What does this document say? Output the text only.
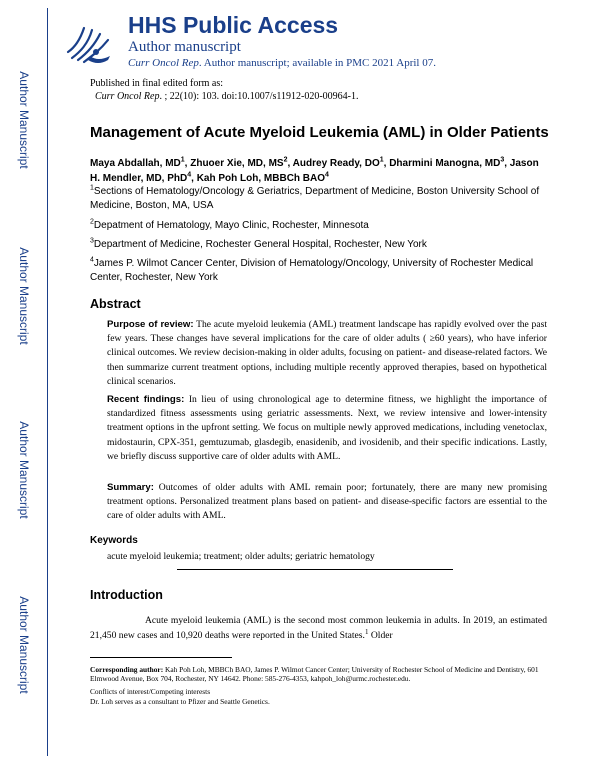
Author Manuscript
Author Manuscript
Author Manuscript
Author Manuscript
HHS Public Access
Author manuscript
Curr Oncol Rep. Author manuscript; available in PMC 2021 April 07.
Published in final edited form as:
Curr Oncol Rep. ; 22(10): 103. doi:10.1007/s11912-020-00964-1.
Management of Acute Myeloid Leukemia (AML) in Older Patients
Maya Abdallah, $MD^1$, Zhuoer Xie, MD, $MS^2$, Audrey Ready, $DO^1$, Dharmini Manogna, $MD^3$, Jason H. Mendler, MD, PhD$^4$, Kah Poh Loh, MBBCh BAO$^4$
$^1$Sections of Hematology/Oncology & Geriatrics, Department of Medicine, Boston University School of Medicine, Boston, MA, USA
$^2$Depatment of Hematology, Mayo Clinic, Rochester, Minnesota
$^3$Department of Medicine, Rochester General Hospital, Rochester, New York
$^4$James P. Wilmot Cancer Center, Division of Hematology/Oncology, University of Rochester Medical Center, Rochester, New York
Abstract
Purpose of review: The acute myeloid leukemia (AML) treatment landscape has rapidly evolved over the past few years. These changes have several implications for the care of older adults ( ≥60 years), who have inferior clinical outcomes. We review decision-making in older adults, focusing on patient- and disease-related factors. We then summarize current treatment options, including multiple recently approved therapies, based on hypothetical clinical scenarios.
Recent findings: In lieu of using chronological age to determine fitness, we highlight the importance of standardized fitness assessments using geriatric assessments. Next, we review intensive and lower-intensity treatment options in the upfront setting. We focus on multiple newly approved medications, including venetoclax, midostaurin, CPX-351, gemtuzumab, glasdegib, enasidenib, and ivosidenib, and their specific indications. Lastly, we briefly discuss supportive care of older adults with AML.
Summary: Outcomes of older adults with AML remain poor; fortunately, there are many new promising treatment options. Personalized treatment plans based on patient- and disease-specific factors are essential to the care of older adults with AML.
Keywords
acute myeloid leukemia; treatment; older adults; geriatric hematology
Introduction
Acute myeloid leukemia (AML) is the second most common leukemia in adults. In 2019, an estimated 21,450 new cases and 10,920 deaths were reported in the United States.$^1$ Older
Corresponding author: Kah Poh Loh, MBBCh BAO, James P. Wilmot Cancer Center; University of Rochester School of Medicine and Dentistry, 601 Elmwood Avenue, Box 704, Rochester, NY 14642. Phone: 585-276-4353, kahpoh_loh@urmc.rochester.edu.
Conflicts of interest/Competing interests
Dr. Loh serves as a consultant to Pfizer and Seattle Genetics.
